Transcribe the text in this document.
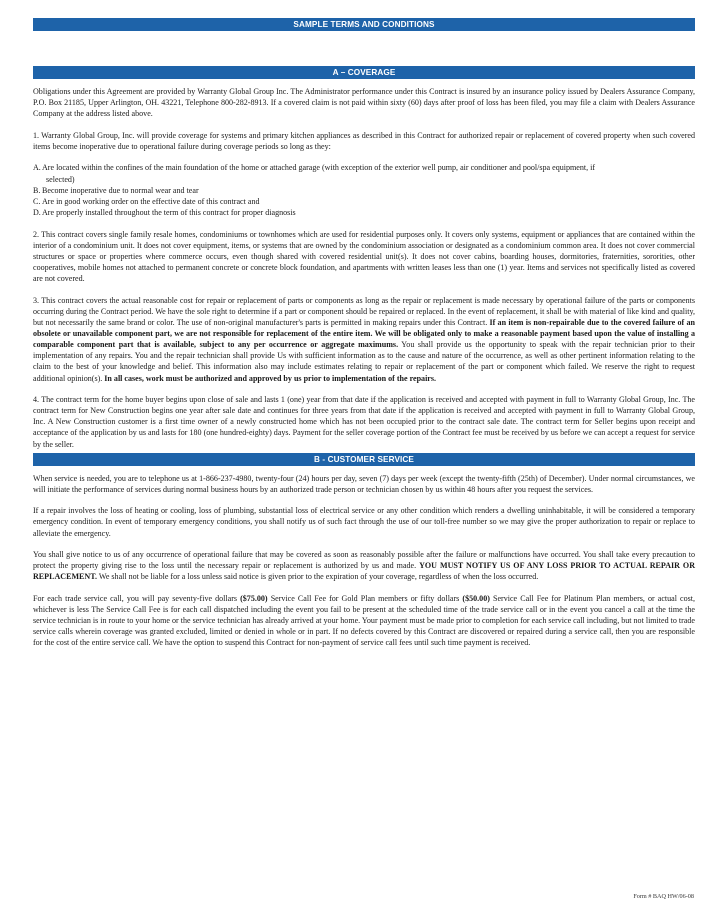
SAMPLE TERMS AND CONDITIONS
A – COVERAGE

Obligations under this Agreement are provided by Warranty Global Group Inc. The Administrator performance under this Contract is insured by an insurance policy issued by Dealers Assurance Company, P.O. Box 21185, Upper Arlington, OH. 43221, Telephone 800-282-8913. If a covered claim is not paid within sixty (60) days after proof of loss has been filed, you may file a claim with Dealers Assurance Company at the address listed above.

1. Warranty Global Group, Inc. will provide coverage for systems and primary kitchen appliances as described in this Contract for authorized repair or replacement of covered property when such covered items become inoperative due to operational failure during coverage periods so long as they:

A. Are located within the confines of the main foundation of the home or attached garage (with exception of the exterior well pump, air conditioner and pool/spa equipment, if
selected)
B. Become inoperative due to normal wear and tear
C. Are in good working order on the effective date of this contract and
D. Are properly installed throughout the term of this contract for proper diagnosis

2. This contract covers single family resale homes, condominiums or townhomes which are used for residential purposes only. It covers only systems, equipment or appliances that are contained within the interior of a condominium unit. It does not cover equipment, items, or systems that are owned by the condominium association or designated as a condominium common area. It does not cover commercial structures or space or properties where commerce occurs, even though shared with covered residential unit(s). It does not cover cabins, boarding houses, dormitories, fraternities, sororities, other cooperatives, mobile homes not attached to permanent concrete or concrete block foundation, and apartments with written leases less than one (1) year. Items and services not specifically listed as covered are not covered.

3. This contract covers the actual reasonable cost for repair or replacement of parts or components as long as the repair or replacement is made necessary by operational failure of the parts or components occurring during the Contract period. We have the sole right to determine if a part or component should be repaired or replaced. In the event of replacement, it shall be with material of like kind and quality, but not necessarily the same brand or color. The use of non-original manufacturer's parts is permitted in making repairs under this Contract. If an item is non-repairable due to the covered failure of an obsolete or unavailable component part, we are not responsible for replacement of the entire item. We will be obligated only to make a reasonable payment based upon the value of installing a comparable component part that is available, subject to any per occurrence or aggregate maximums. You shall provide us the opportunity to speak with the repair technician prior to their implementation of any repairs. You and the repair technician shall provide Us with sufficient information as to the cause and nature of the occurrence, as well as other pertinent information relating to the claim to the best of your knowledge and belief. This information also may include estimates relating to repair or replacement of the part or component which failed. We reserve the right to request additional opinion(s). In all cases, work must be authorized and approved by us prior to implementation of the repairs.

4. The contract term for the home buyer begins upon close of sale and lasts 1 (one) year from that date if the application is received and accepted with payment in full to Warranty Global Group, Inc. The contract term for New Construction begins one year after sale date and continues for three years from that date if the application is received and accepted with payment in full to Warranty Global Group, Inc. A New Construction customer is a first time owner of a newly constructed home which has not been occupied prior to the contract sale date. The contract term for Seller begins upon receipt and acceptance of the application by us and lasts for 180 (one hundred-eighty) days. Payment for the seller coverage portion of the Contract fee must be received by us before we can accept a request for service by the seller.

B - CUSTOMER SERVICE

When service is needed, you are to telephone us at 1-866-237-4980, twenty-four (24) hours per day, seven (7) days per week (except the twenty-fifth (25th) of December). Under normal circumstances, we will initiate the performance of services during normal business hours by an authorized trade person or technician chosen by us within 48 hours after you request the services.

If a repair involves the loss of heating or cooling, loss of plumbing, substantial loss of electrical service or any other condition which renders a dwelling uninhabitable, it will be considered a temporary emergency condition. In event of temporary emergency conditions, you shall notify us of such fact through the use of our toll-free number so we may give the proper authorization to repair or replace to alleviate the emergency.

You shall give notice to us of any occurrence of operational failure that may be covered as soon as reasonably possible after the failure or malfunctions have occurred. You shall take every precaution to protect the property giving rise to the loss until the necessary repair or replacement is authorized by us and made. YOU MUST NOTIFY US OF ANY LOSS PRIOR TO ACTUAL REPAIR OR REPLACEMENT. We shall not be liable for a loss unless said notice is given prior to the expiration of your coverage, regardless of when the loss occurred.

For each trade service call, you will pay seventy-five dollars ($75.00) Service Call Fee for Gold Plan members or fifty dollars ($50.00) Service Call Fee for Platinum Plan members, or actual cost, whichever is less The Service Call Fee is for each call dispatched including the event you fail to be present at the scheduled time of the trade service call or in the event you cancel a call at the time the service technician is in route to your home or the service technician has already arrived at your home. Your payment must be made prior to completion for each service call including, but not limited to trade service calls wherein coverage was granted excluded, limited or denied in whole or in part. If no defects covered by this Contract are discovered or repaired during a service call, then you are responsible for the cost of the entire service call. We have the option to suspend this Contract for non-payment of service call fees until such time payment is received.

Form # BAQ HW/06-08
